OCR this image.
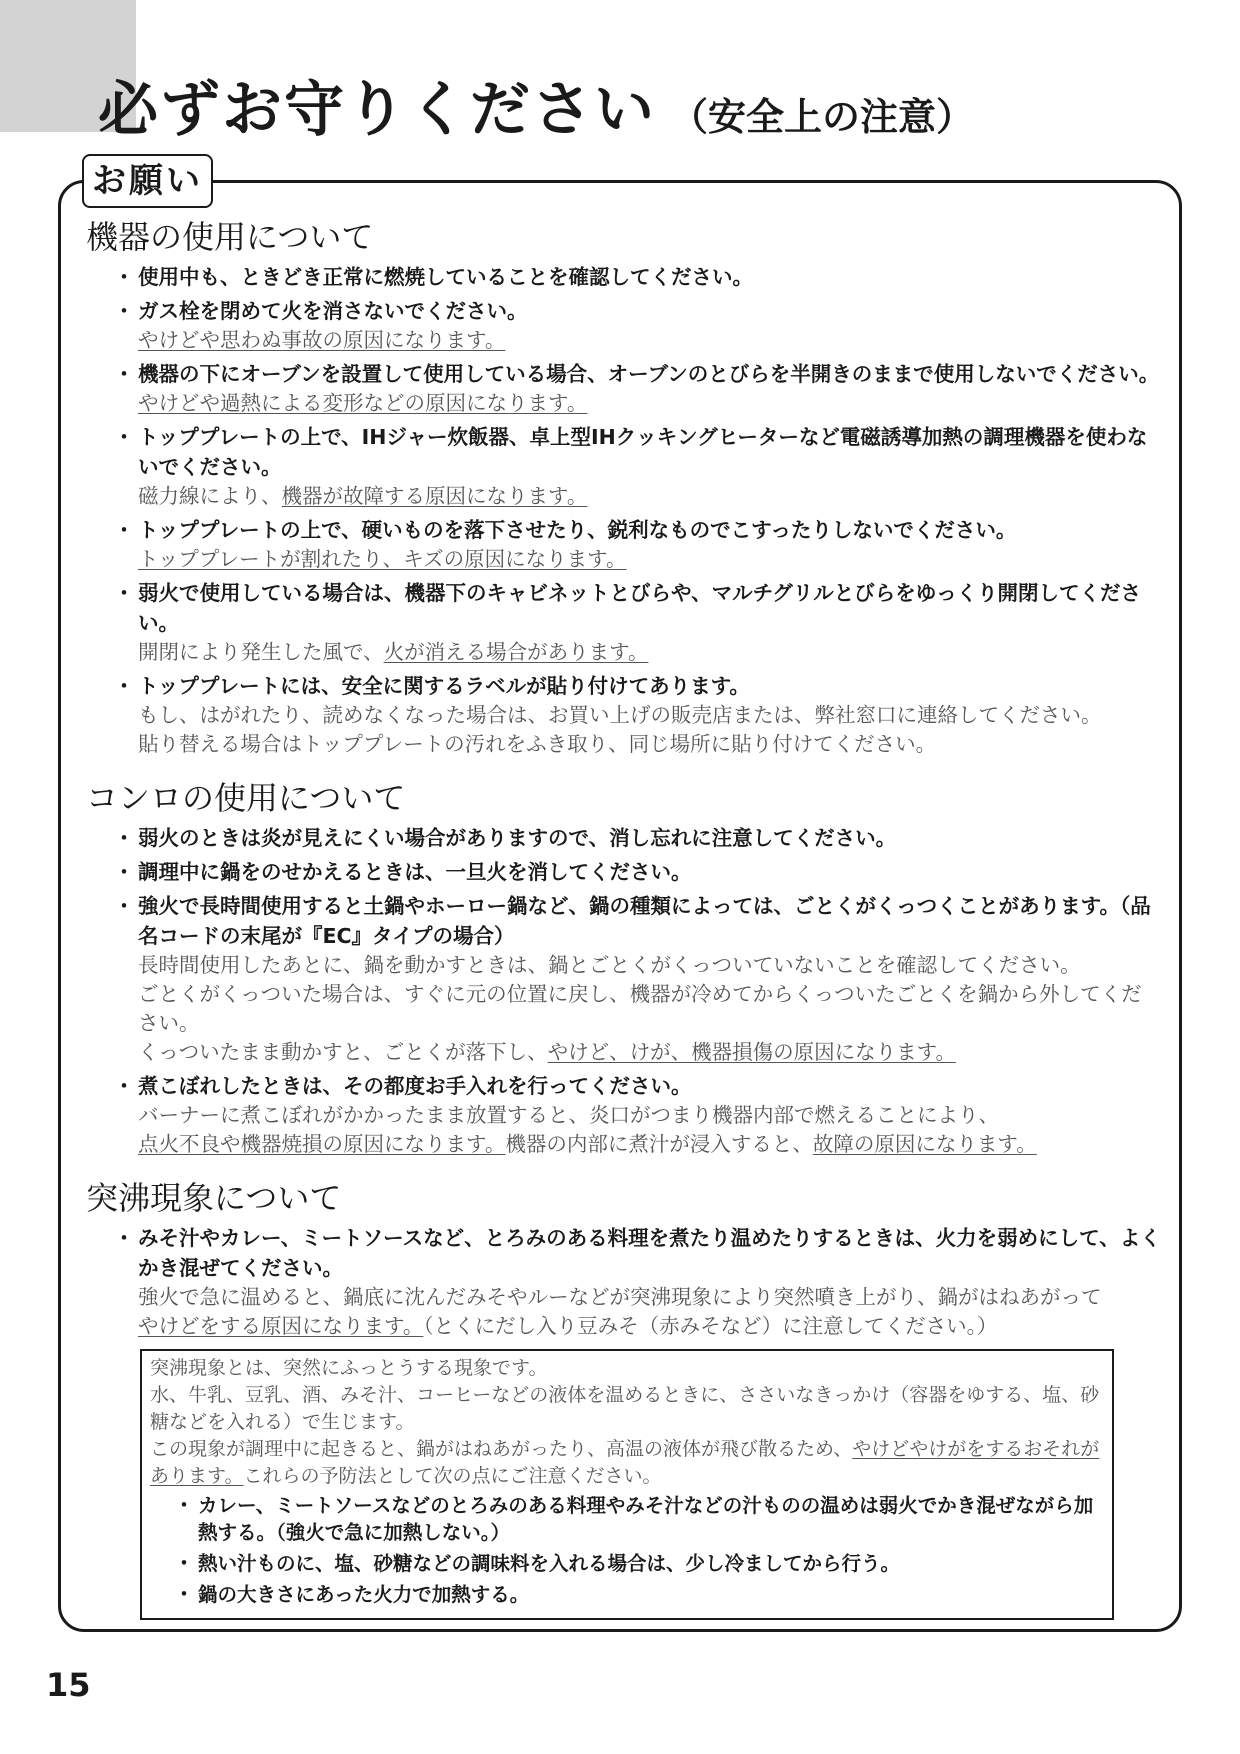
必ずお守りください （安全上の注意）
お願い
機器の使用について

・ 使用中も、ときどき正常に燃焼していることを確認してください。

・ ガス栓を閉めて火を消さないでください。

やけどや思わぬ事故の原因になります。

・ 機器の下にオーブンを設置して使用している場合、オーブンのとびらを半開きのままで使用しないでください。

やけどや過熱による変形などの原因になります。

・ トッププレートの上で、IHジャー炊飯器、卓上型IHクッキングヒーターなど電磁誘導加熱の調理機器を使わないでください。

磁力線により、機器が故障する原因になります。

・ トッププレートの上で、硬いものを落下させたり、鋭利なものでこすったりしないでください。

トッププレートが割れたり、キズの原因になります。

・ 弱火で使用している場合は、機器下のキャビネットとびらや、マルチグリルとびらをゆっくり開閉してください。

開閉により発生した風で、火が消える場合があります。

・ トッププレートには、安全に関するラベルが貼り付けてあります。

もし、はがれたり、読めなくなった場合は、お買い上げの販売店または、弊社窓口に連絡してください。

貼り替える場合はトッププレートの汚れをふき取り、同じ場所に貼り付けてください。

コンロの使用について

・ 弱火のときは炎が見えにくい場合がありますので、消し忘れに注意してください。

・ 調理中に鍋をのせかえるときは、一旦火を消してください。

・ 強火で長時間使用すると土鍋やホーロー鍋など、鍋の種類によっては、ごとくがくっつくことがあります。（品名コードの末尾が『EC』タイプの場合）

長時間使用したあとに、鍋を動かすときは、鍋とごとくがくっついていないことを確認してください。

ごとくがくっついた場合は、すぐに元の位置に戻し、機器が冷めてからくっついたごとくを鍋から外してください。

くっついたまま動かすと、ごとくが落下し、やけど、けが、機器損傷の原因になります。

・ 煮こぼれしたときは、その都度お手入れを行ってください。

バーナーに煮こぼれがかかったまま放置すると、炎口がつまり機器内部で燃えることにより、

点火不良や機器焼損の原因になります。機器の内部に煮汁が浸入すると、故障の原因になります。

突沸現象について

・ みそ汁やカレー、ミートソースなど、とろみのある料理を煮たり温めたりするときは、火力を弱めにして、よくかき混ぜてください。

強火で急に温めると、鍋底に沈んだみそやルーなどが突沸現象により突然噴き上がり、鍋がはねあがって

やけどをする原因になります。（とくにだし入り豆みそ（赤みそなど）に注意してください。）

突沸現象とは、突然にふっとうする現象です。

水、牛乳、豆乳、酒、みそ汁、コーヒーなどの液体を温めるときに、ささいなきっかけ（容器をゆする、塩、砂糖などを入れる）で生じます。

この現象が調理中に起きると、鍋がはねあがったり、高温の液体が飛び散るため、やけどやけがをするおそれがあります。これらの予防法として次の点にご注意ください。

・ カレー、ミートソースなどのとろみのある料理やみそ汁などの汁ものの温めは弱火でかき混ぜながら加熱する。（強火で急に加熱しない。）

・ 熱い汁ものに、塩、砂糖などの調味料を入れる場合は、少し冷ましてから行う。

・ 鍋の大きさにあった火力で加熱する。

15
